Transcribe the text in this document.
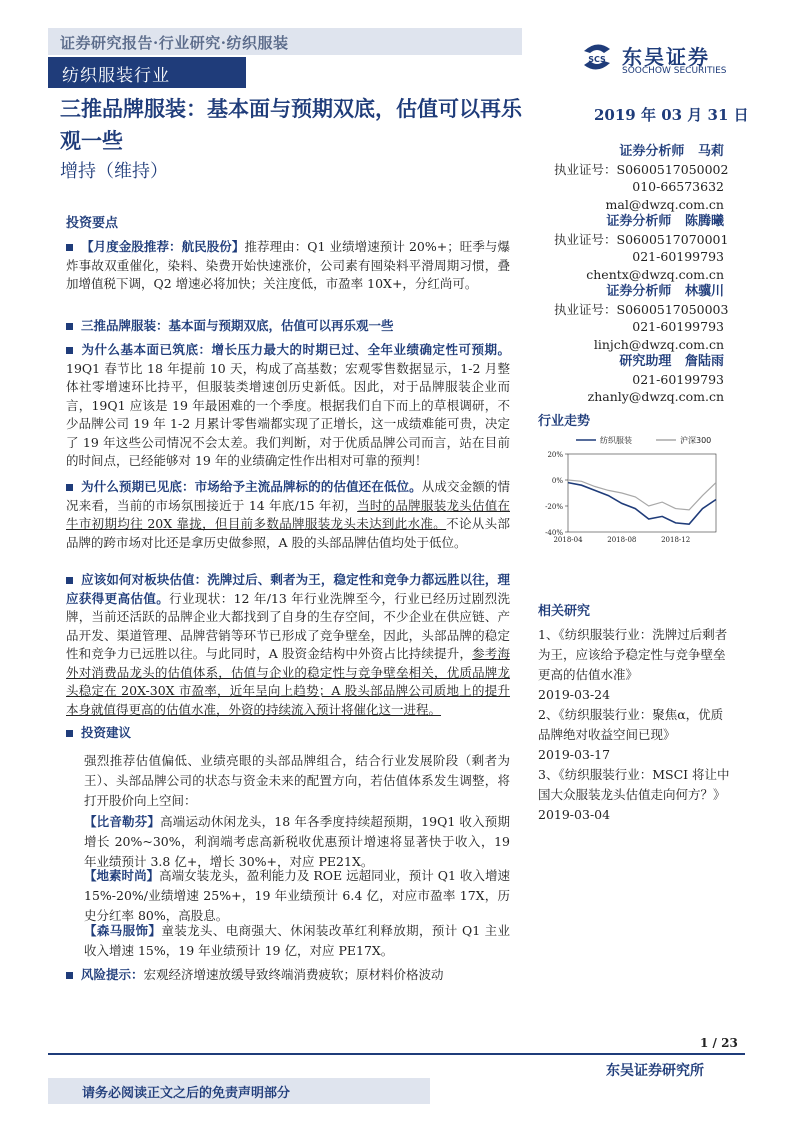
证券研究报告·行业研究·纺织服装
纺织服装行业
SCS 东吴证券
SOOCHOW SECURITIES
三推品牌服装：基本面与预期双底，估值可以再乐观一些
增持（维持）
2019 年 03 月 31 日
证券分析师 马莉
执业证号：S0600517050002
010-66573632
mal@dwzq.com.cn
证券分析师 陈腾曦
执业证号：S0600517070001
021-60199793
chentx@dwzq.com.cn
证券分析师 林骥川
执业证号：S0600517050003
021-60199793
linjch@dwzq.com.cn
研究助理 詹陆雨
021-60199793
zhanly@dwzq.com.cn
投资要点
【月度金股推荐：航民股份】推荐理由：Q1 业绩增速预计 20%+；旺季与爆炸事故双重催化，染料、染费开始快速涨价，公司素有囤染料平滑周期习惯，叠加增值税下调，Q2 增速必将加快；关注度低，市盈率 10X+，分红尚可。
三推品牌服装：基本面与预期双底，估值可以再乐观一些
为什么基本面已筑底：增长压力最大的时期已过、全年业绩确定性可预期。19Q1 春节比 18 年提前 10 天，构成了高基数；宏观零售数据显示，1-2 月整体社零增速环比持平，但服装类增速创历史新低。因此，对于品牌服装企业而言，19Q1 应该是 19 年最困难的一个季度。根据我们自下而上的草根调研，不少品牌公司 19 年 1-2 月累计零售端都实现了正增长，这一成绩难能可贵，决定了 19 年这些公司情况不会太差。我们判断，对于优质品牌公司而言，站在目前的时间点，已经能够对 19 年的业绩确定性作出相对可靠的预判！
为什么预期已见底：市场给予主流品牌标的的估值还在低位。从成交金额的情况来看，当前的市场氛围接近于 14 年底/15 年初，当时的品牌服装龙头估值在牛市初期均往 20X 靠拢，但目前多数品牌服装龙头未达到此水准。不论从头部品牌的跨市场对比还是拿历史做参照，A 股的头部品牌估值均处于低位。
应该如何对板块估值：洗牌过后、剩者为王，稳定性和竞争力都远胜以往，理应获得更高估值。行业现状：12 年/13 年行业洗牌至今，行业已经历过剧烈洗牌，当前还活跃的品牌企业大都找到了自身的生存空间，不少企业在供应链、产品开发、渠道管理、品牌营销等环节已形成了竞争壁垒，因此，头部品牌的稳定性和竞争力已远胜以往。与此同时，A 股资金结构中外资占比持续提升，参考海外对消费品龙头的估值体系，估值与企业的稳定性与竞争壁垒相关，优质品牌龙头稳定在 20X-30X 市盈率，近年呈向上趋势；A 股头部品牌公司质地上的提升本身就值得更高的估值水准，外资的持续流入预计将催化这一进程。
投资建议
强烈推荐估值偏低、业绩亮眼的头部品牌组合，结合行业发展阶段（剩者为王）、头部品牌公司的状态与资金未来的配置方向，若估值体系发生调整，将打开股价向上空间：
【比音勒芬】高端运动休闲龙头，18 年各季度持续超预期，19Q1 收入预期增长 20%~30%，利润端考虑高新税收优惠预计增速将显著快于收入，19 年业绩预计 3.8 亿+，增长 30%+，对应 PE21X。
【地素时尚】高端女装龙头，盈利能力及 ROE 远超同业，预计 Q1 收入增速 15%-20%/业绩增速 25%+，19 年业绩预计 6.4 亿，对应市盈率 17X，历史分红率 80%，高股息。
【森马服饰】童装龙头、电商强大、休闲装改革红利释放期，预计 Q1 主业收入增速 15%，19 年业绩预计 19 亿，对应 PE17X。
风险提示：宏观经济增速放缓导致终端消费疲软；原材料价格波动
行业走势
20%
0%
-20%
-40%
2018-04	2018-08	2018-12
纺织服装	沪深300
相关研究
1、《纺织服装行业：洗牌过后剩者为王，应该给予稳定性与竞争壁垒更高的估值水准》
2019-03-24
2、《纺织服装行业：聚焦α，优质品牌绝对收益空间已现》
2019-03-17
3、《纺织服装行业：MSCI 将让中国大众服装龙头估值走向何方？》
2019-03-04
1 / 23
东吴证券研究所
请务必阅读正文之后的免责声明部分
